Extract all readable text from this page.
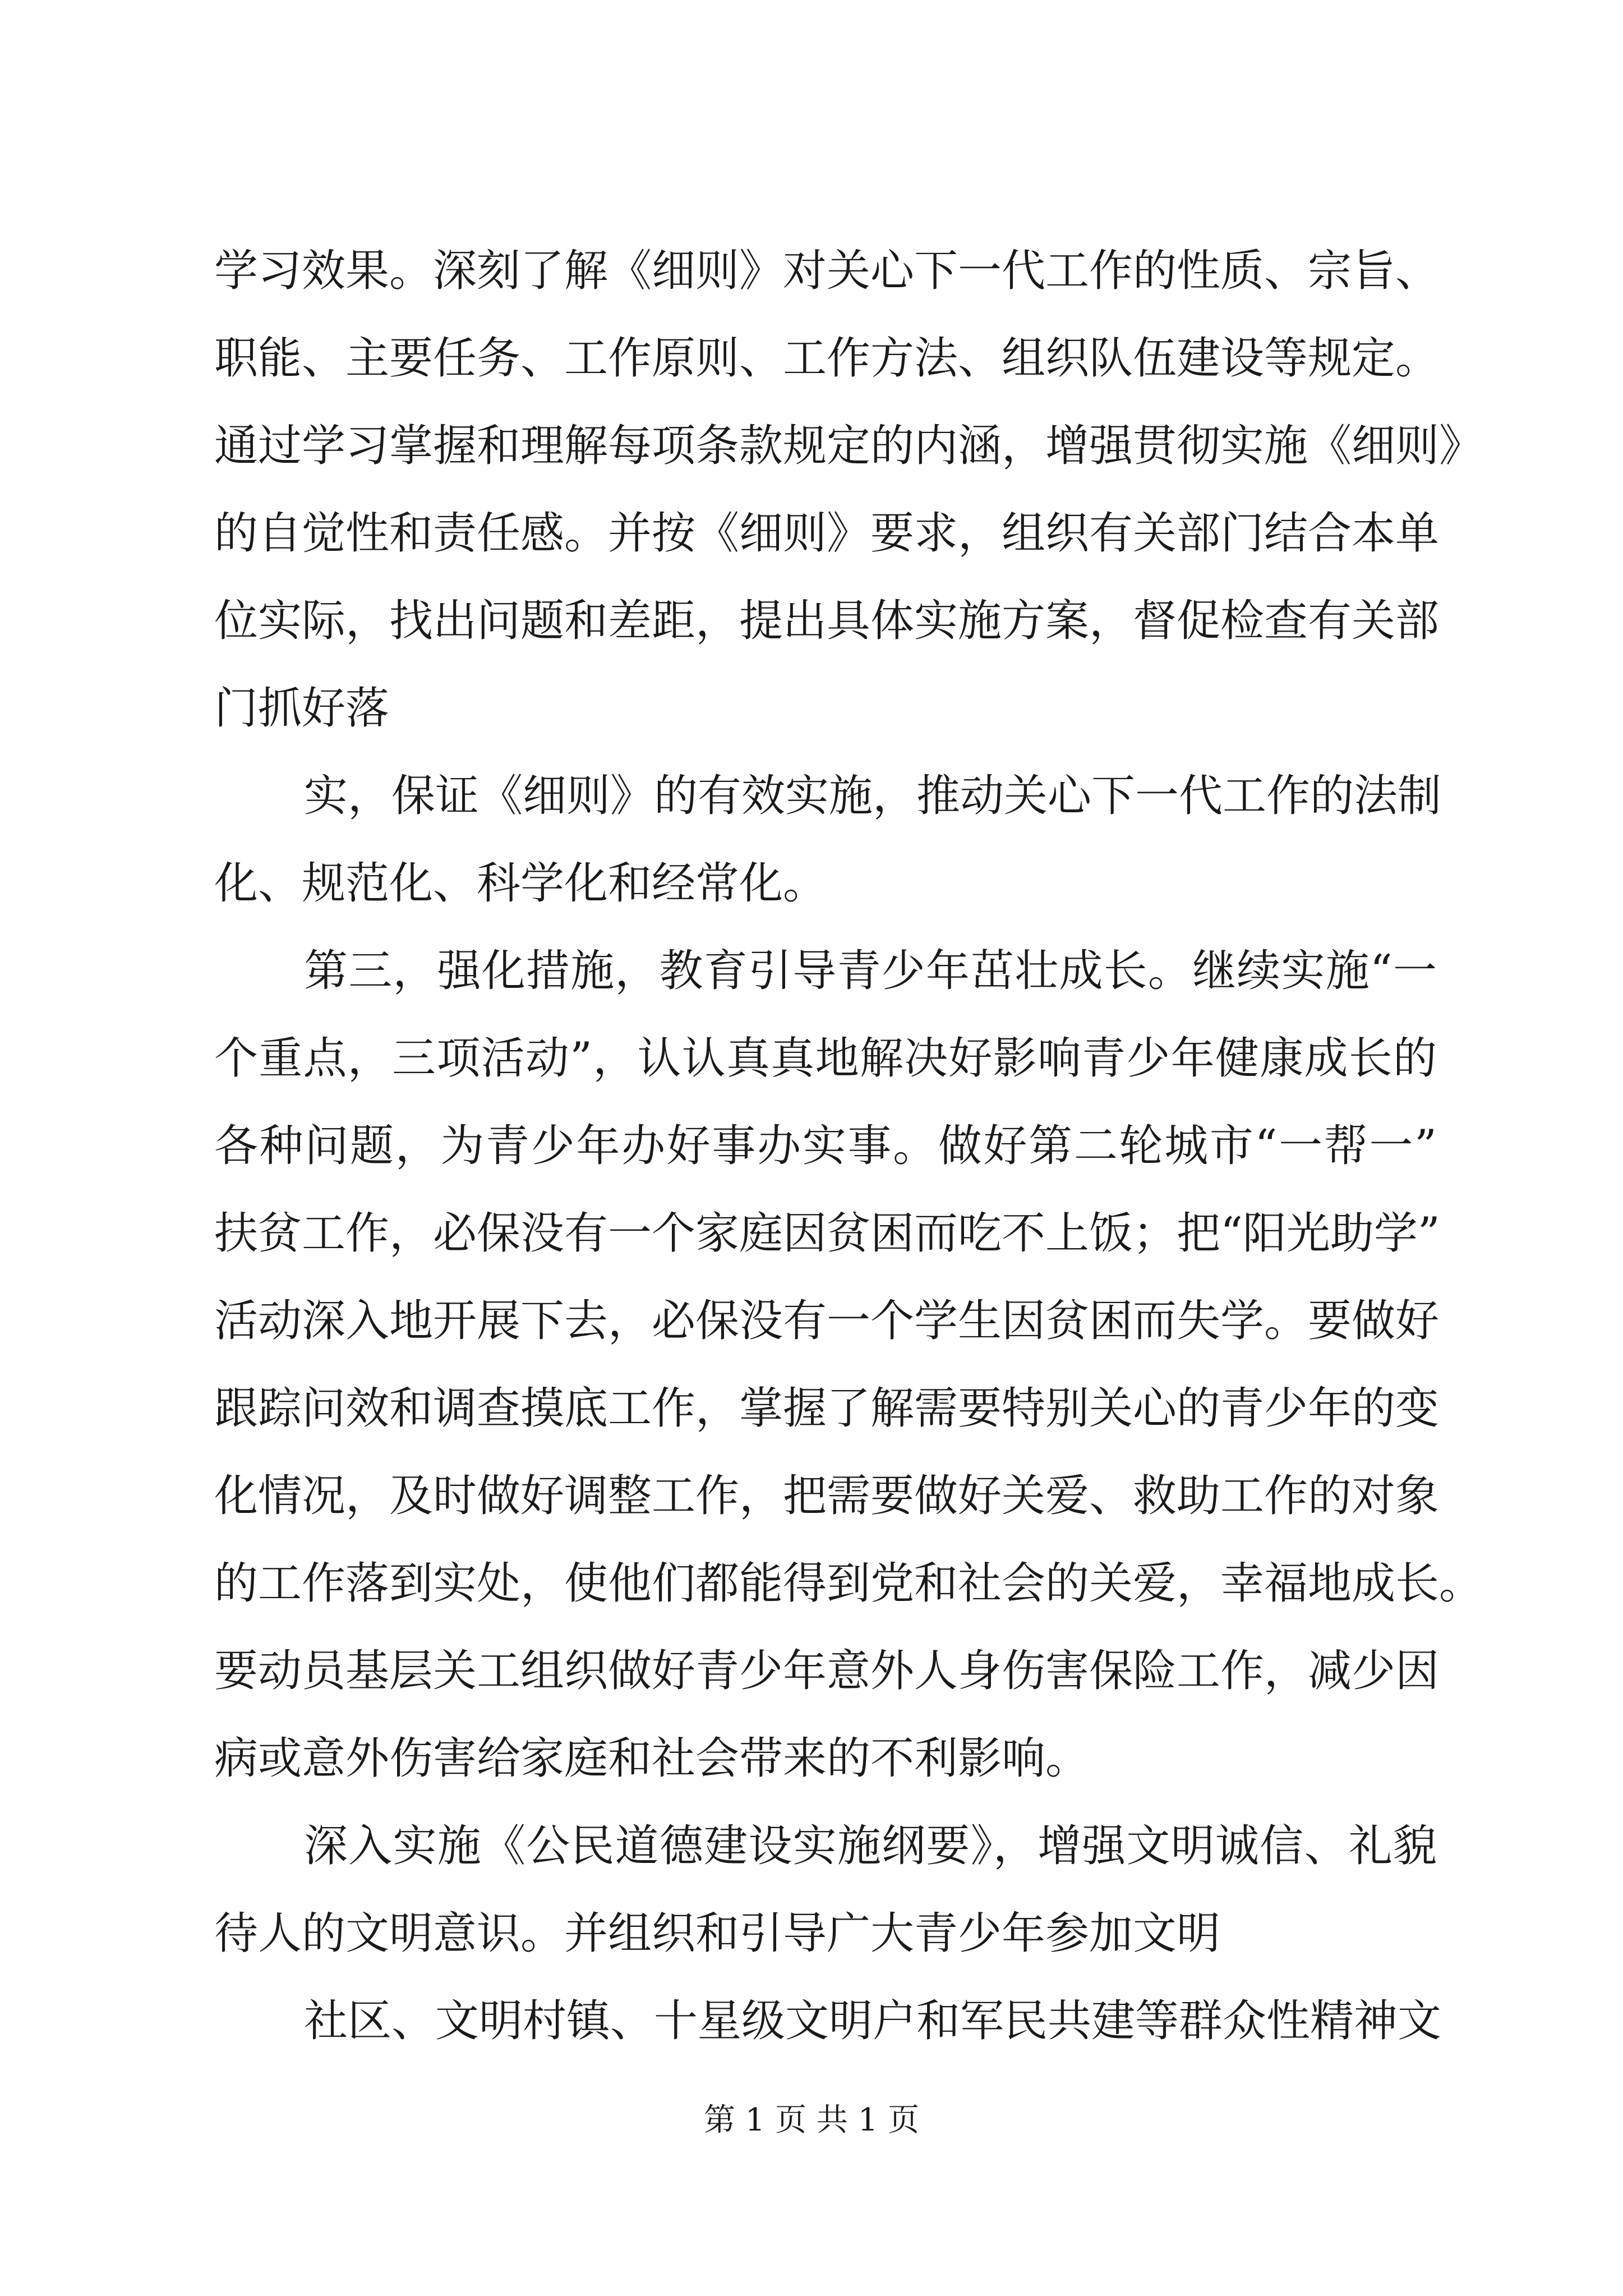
学习效果。深刻了解《细则》对关心下一代工作的性质、宗旨、
职能、主要任务、工作原则、工作方法、组织队伍建设等规定。
通过学习掌握和理解每项条款规定的内涵，增强贯彻实施《细则》
的自觉性和责任感。并按《细则》要求，组织有关部门结合本单
位实际，找出问题和差距，提出具体实施方案，督促检查有关部
门抓好落
实，保证《细则》的有效实施，推动关心下一代工作的法制
化、规范化、科学化和经常化。
第三，强化措施，教育引导青少年茁壮成长。继续实施“一
个重点，三项活动”，认认真真地解决好影响青少年健康成长的
各种问题，为青少年办好事办实事。做好第二轮城市“一帮一”
扶贫工作，必保没有一个家庭因贫困而吃不上饭；把“阳光助学”
活动深入地开展下去，必保没有一个学生因贫困而失学。要做好
跟踪问效和调查摸底工作，掌握了解需要特别关心的青少年的变
化情况，及时做好调整工作，把需要做好关爱、救助工作的对象
的工作落到实处，使他们都能得到党和社会的关爱，幸福地成长。
要动员基层关工组织做好青少年意外人身伤害保险工作，减少因
病或意外伤害给家庭和社会带来的不利影响。
深入实施《公民道德建设实施纲要》，增强文明诚信、礼貌
待人的文明意识。并组织和引导广大青少年参加文明
社区、文明村镇、十星级文明户和军民共建等群众性精神文
第 1 页 共 1 页
